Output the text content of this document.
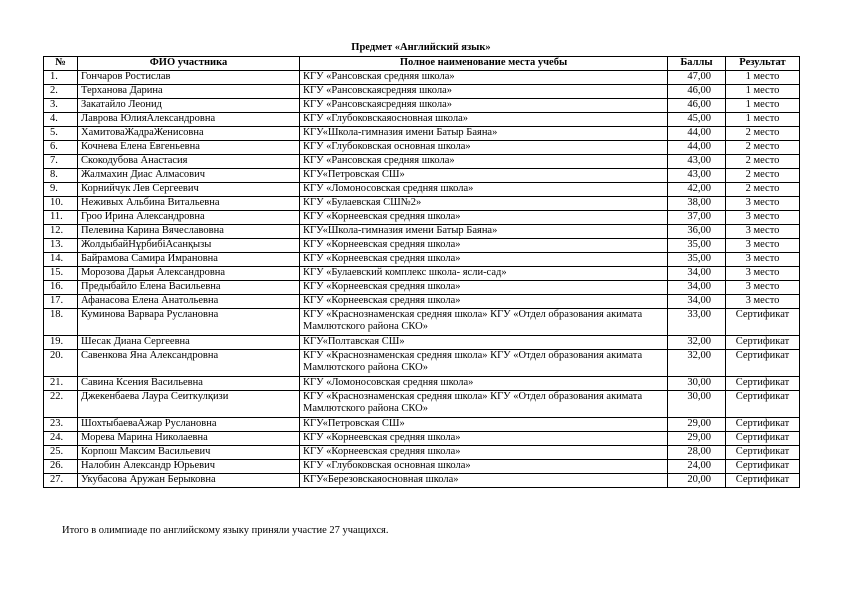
Предмет «Английский язык»
№	ФИО участника	Полное наименование места учебы	Баллы	Результат
1.	Гончаров Ростислав	КГУ «Рансовская средняя школа»	47,00	1 место
2.	Терханова Дарина	КГУ «Рансовскаясредняя школа»	46,00	1 место
3.	Закатайло Леонид	КГУ «Рансовскаясредняя школа»	46,00	1 место
4.	Лаврова ЮлияАлександровна	КГУ «Глубоковскаяосновная школа»	45,00	1 место
5.	ХамитоваЖадраЖенисовна	КГУ«Школа-гимназия имени Батыр Баяна»	44,00	2 место
6.	Кочнева Елена Евгеньевна	КГУ «Глубоковская основная школа»	44,00	2 место
7.	Скокодубова Анастасия	КГУ «Рансовская средняя школа»	43,00	2 место
8.	Жалмахин Диас Алмасович	КГУ«Петровская СШ»	43,00	2 место
9.	Корнийчук Лев Сергеевич	КГУ «Ломоносовская средняя школа»	42,00	2 место
10.	Неживых Альбина Витальевна	КГУ «Булаевская СШ№2»	38,00	3 место
11.	Гроо Ирина Александровна	КГУ «Корнеевская средняя школа»	37,00	3 место
12.	Пелевина Карина Вячеславовна	КГУ«Школа-гимназия имени Батыр Баяна»	36,00	3 место
13.	ЖолдыбайНұрбибіАсанқызы	КГУ «Корнеевская средняя школа»	35,00	3 место
14.	Байрамова Самира Имрановна	КГУ «Корнеевская средняя школа»	35,00	3 место
15.	Морозова Дарья Александровна	КГУ «Булаевский комплекс школа- ясли-сад»	34,00	3 место
16.	Предыбайло Елена Васильевна	КГУ «Корнеевская средняя школа»	34,00	3 место
17.	Афанасова Елена Анатольевна	КГУ «Корнеевская средняя школа»	34,00	3 место
18.	Куминова Варвара Руслановна	КГУ «Краснознаменская средняя школа» КГУ «Отдел образования акимата Мамлютского района СКО»	33,00	Сертификат
19.	Шесак Диана Сергеевна	КГУ«Полтавская СШ»	32,00	Сертификат
20.	Савенкова Яна Александровна	КГУ «Краснознаменская средняя школа» КГУ «Отдел образования акимата Мамлютского района СКО»	32,00	Сертификат
21.	Савина Ксения Васильевна	КГУ «Ломоносовская средняя школа»	30,00	Сертификат
22.	Джекенбаева Лаура Сеиткулқизи	КГУ «Краснознаменская средняя школа» КГУ «Отдел образования акимата Мамлютского района СКО»	30,00	Сертификат
23.	ШохтыбаеваАжар Руслановна	КГУ«Петровская СШ»	29,00	Сертификат
24.	Морева Марина Николаевна	КГУ «Корнеевская средняя школа»	29,00	Сертификат
25.	Корпош Максим Васильевич	КГУ «Корнеевская средняя школа»	28,00	Сертификат
26.	Налобин Александр Юрьевич	КГУ «Глубоковская основная школа»	24,00	Сертификат
27.	Укубасова Аружан Берыковна	КГУ«Березовскаяосновная школа»	20,00	Сертификат
Итого в олимпиаде по английскому языку приняли участие 27 учащихся.
